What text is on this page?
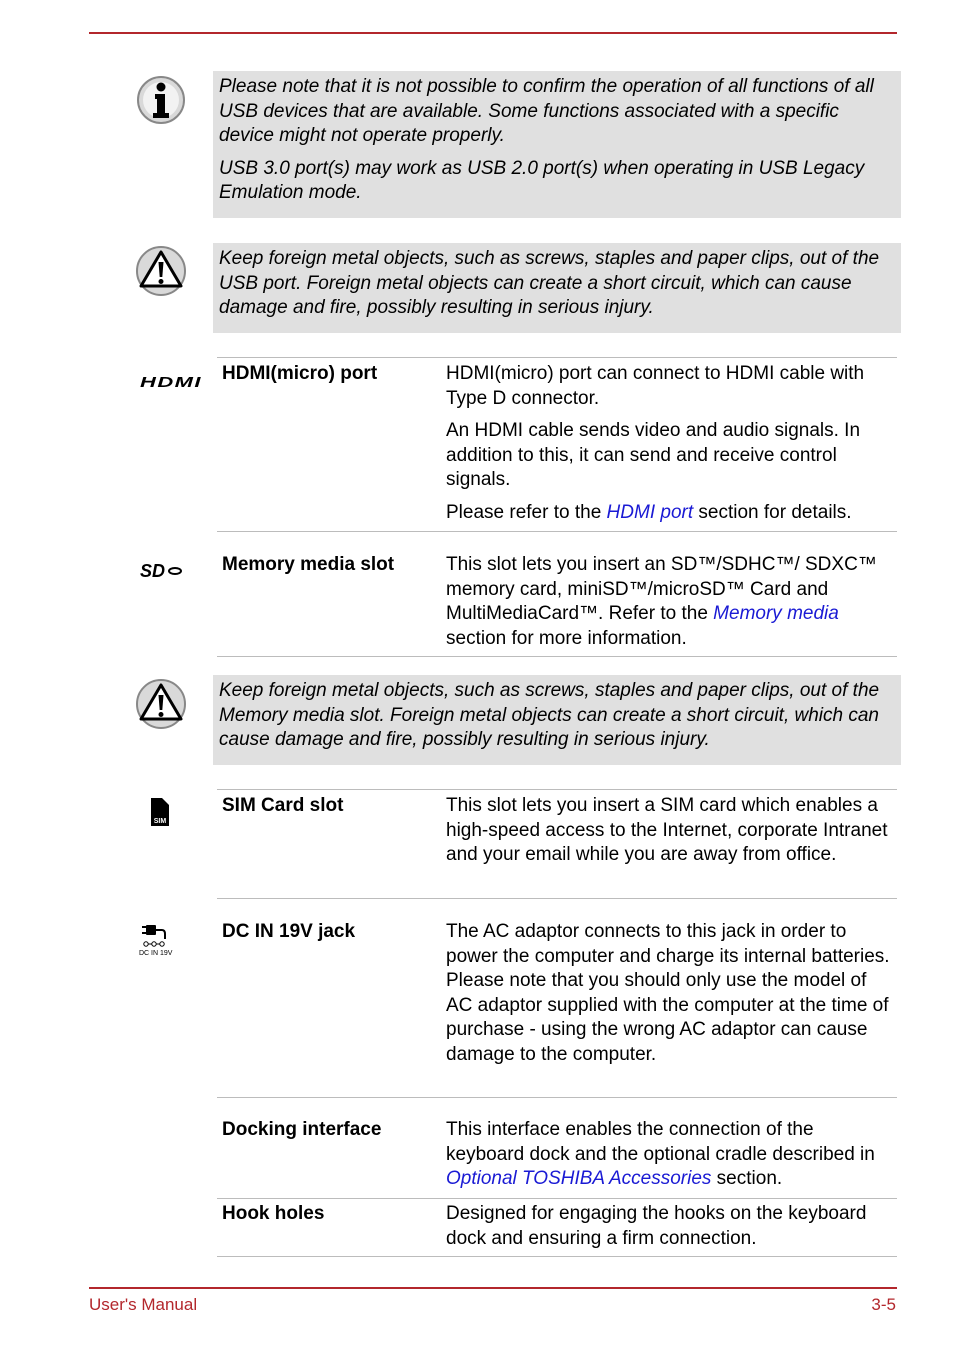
Please note that it is not possible to confirm the operation of all functions of all USB devices that are available. Some functions associated with a specific device might not operate properly.

USB 3.0 port(s) may work as USB 2.0 port(s) when operating in USB Legacy Emulation mode.

Keep foreign metal objects, such as screws, staples and paper clips, out of the USB port. Foreign metal objects can create a short circuit, which can cause damage and fire, possibly resulting in serious injury.

HDMI HDMI(micro) port	HDMI(micro) port can connect to HDMI cable with Type D connector.

An HDMI cable sends video and audio signals. In addition to this, it can send and receive control signals.

Please refer to the HDMI port section for details.

SD	Memory media slot	This slot lets you insert an SD™/SDHC™/ SDXC™ memory card, miniSD™/microSD™ Card and MultiMediaCard™. Refer to the Memory media section for more information.

Keep foreign metal objects, such as screws, staples and paper clips, out of the Memory media slot. Foreign metal objects can create a short circuit, which can cause damage and fire, possibly resulting in serious injury.

SIM
SIM Card slot	This slot lets you insert a SIM card which enables a high-speed access to the Internet, corporate Intranet and your email while you are away from office.

DC IN 19V
DC IN 19V jack	The AC adaptor connects to this jack in order to power the computer and charge its internal batteries. Please note that you should only use the model of AC adaptor supplied with the computer at the time of purchase - using the wrong AC adaptor can cause damage to the computer.

Docking interface	This interface enables the connection of the keyboard dock and the optional cradle described in Optional TOSHIBA Accessories section.

Hook holes	Designed for engaging the hooks on the keyboard dock and ensuring a firm connection.

User's Manual	3-5
